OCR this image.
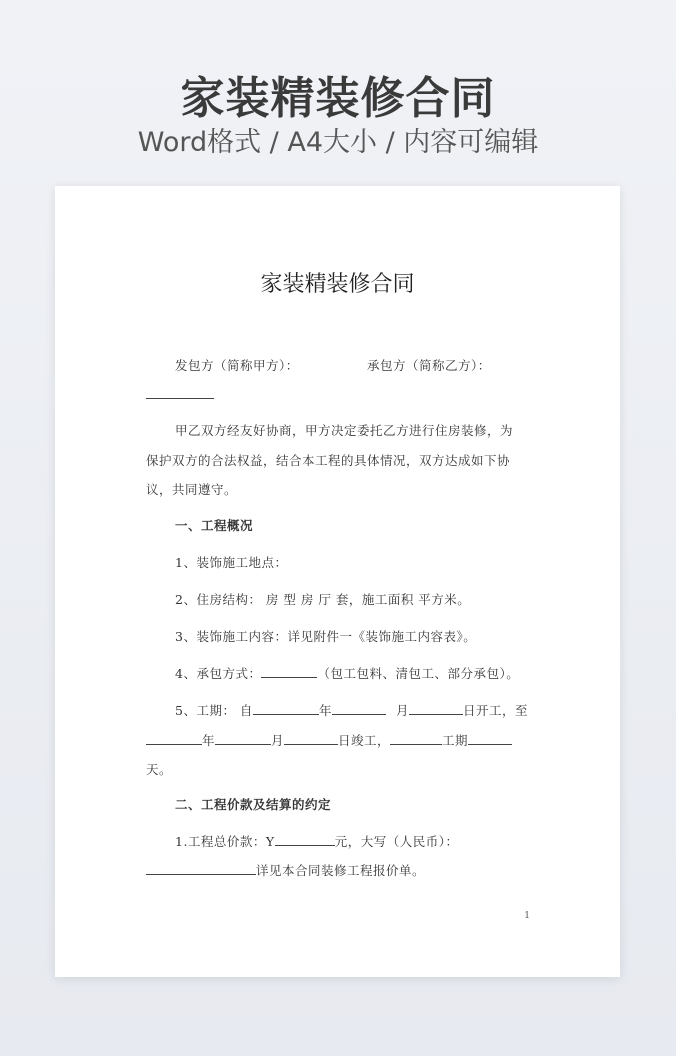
家装精装修合同
Word格式 / A4大小 / 内容可编辑
家装精装修合同
发包方（简称甲方）：	承包方（简称乙方）：
甲乙双方经友好协商，甲方决定委托乙方进行住房装修，为
保护双方的合法权益，结合本工程的具体情况，双方达成如下协
议，共同遵守。
一、工程概况
1、装饰施工地点：
2、住房结构： 房 型 房 厅 套，施工面积 平方米。
3、装饰施工内容：详见附件一《装饰施工内容表》。
4、承包方式：	（包工包料、清包工、部分承包）。
5、工期： 自	年	月	日开工，至
年	月	日竣工，	工期
天。
二、工程价款及结算的约定
1.工程总价款：Y	元，大写（人民币）：
详见本合同装修工程报价单。
1
